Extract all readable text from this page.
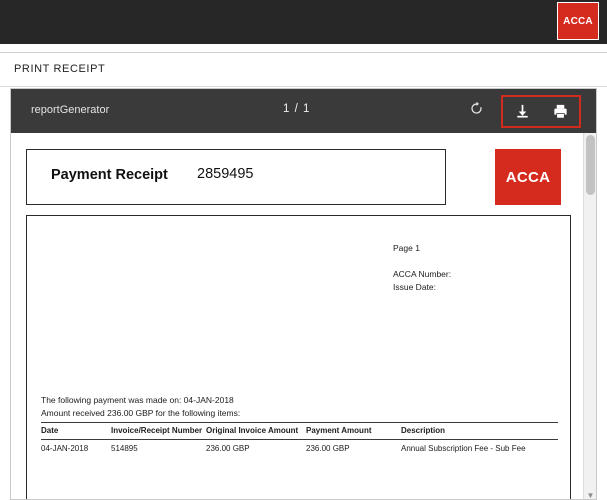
ACCA
PRINT RECEIPT
reportGenerator	1 / 1
Payment Receipt 2859495	ACCA
Page 1
ACCA Number:
Issue Date:
The following payment was made on: 04-JAN-2018
Amount received 236.00 GBP for the following items:
Date	Invoice/Receipt Number	Original Invoice Amount	Payment Amount	Description
04-JAN-2018	514895	236.00 GBP	236.00 GBP	Annual Subscription Fee - Sub Fee
▼
